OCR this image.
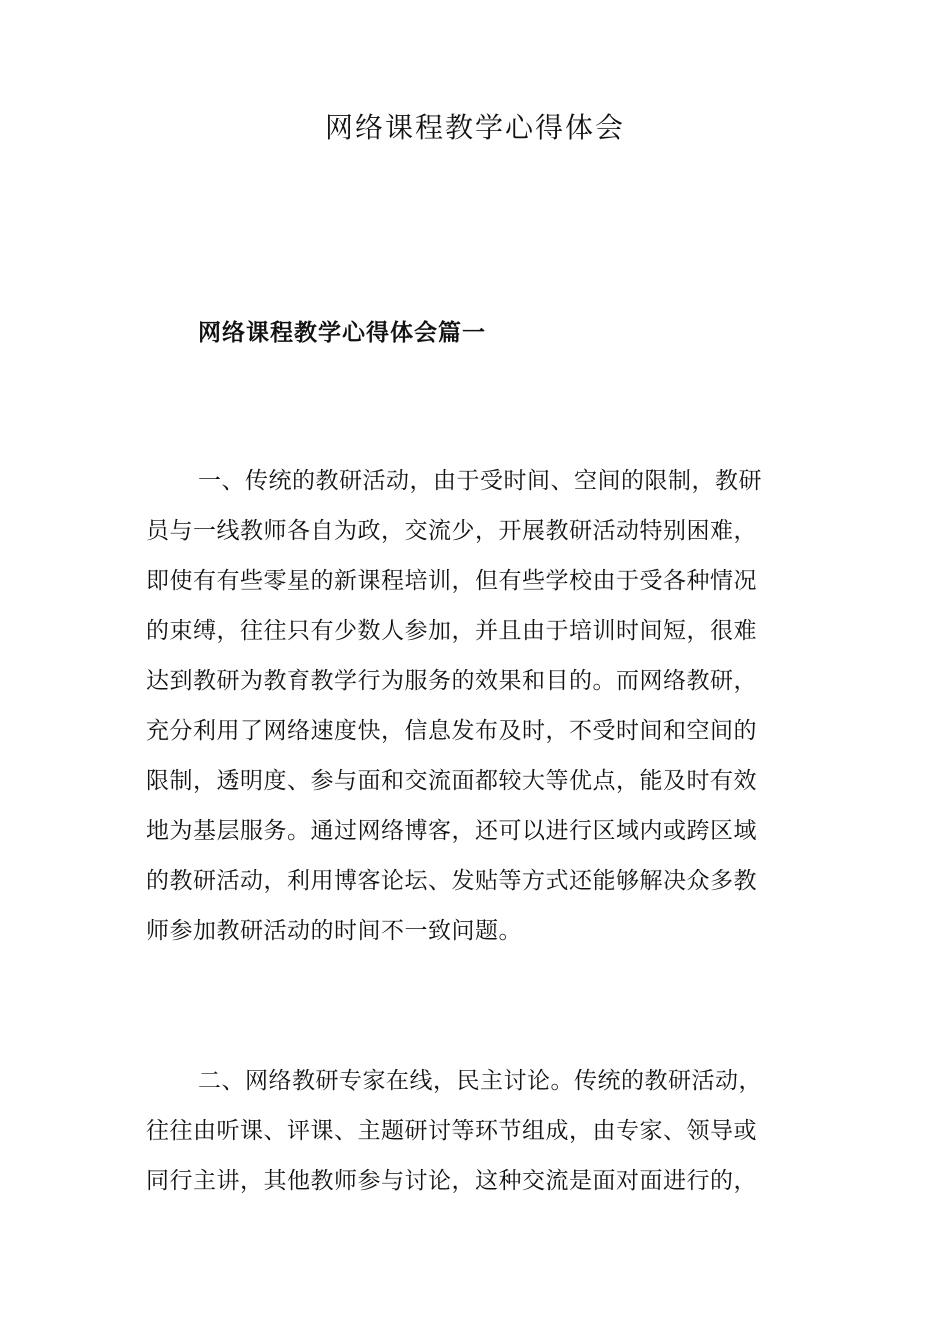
网络课程教学心得体会
网络课程教学心得体会篇一
一、传统的教研活动，由于受时间、空间的限制，教研
员与一线教师各自为政，交流少，开展教研活动特别困难，
即使有有些零星的新课程培训，但有些学校由于受各种情况
的束缚，往往只有少数人参加，并且由于培训时间短，很难
达到教研为教育教学行为服务的效果和目的。而网络教研，
充分利用了网络速度快，信息发布及时，不受时间和空间的
限制，透明度、参与面和交流面都较大等优点，能及时有效
地为基层服务。通过网络博客，还可以进行区域内或跨区域
的教研活动，利用博客论坛、发贴等方式还能够解决众多教
师参加教研活动的时间不一致问题。
二、网络教研专家在线，民主讨论。传统的教研活动，
往往由听课、评课、主题研讨等环节组成，由专家、领导或
同行主讲，其他教师参与讨论，这种交流是面对面进行的，
